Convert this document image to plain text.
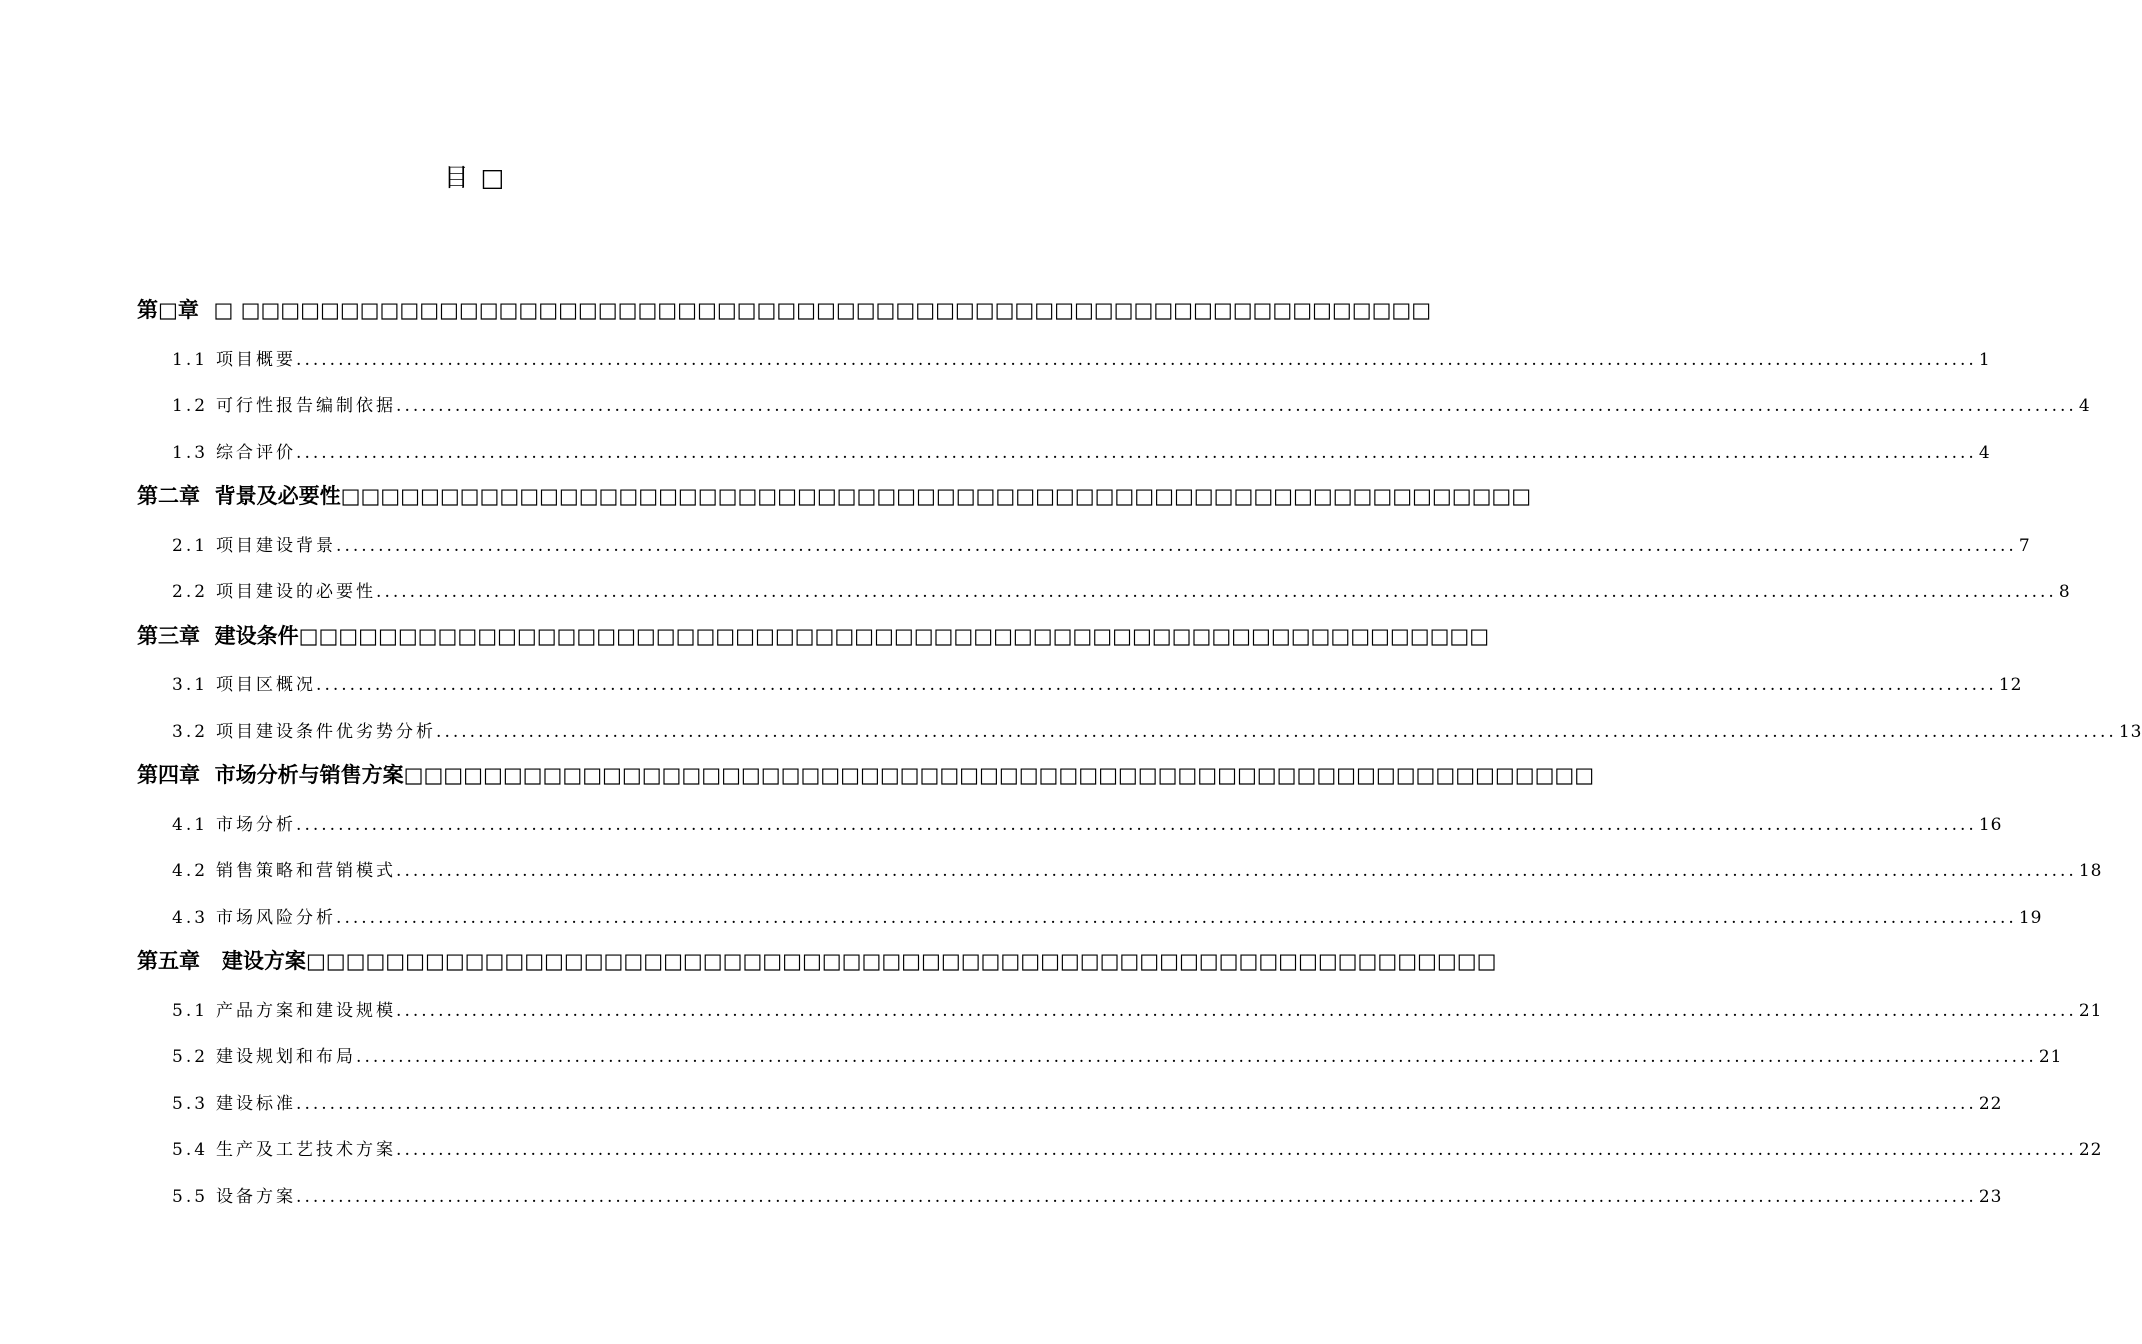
目 □
第□章  □ □□□□□□□□□□□□□□□□□□□□□□□□□□□□□□□□□□□□□□□□□□□□□□□□□□□□□□□□□□□□
1.1 项目概要 ........................................................................................................................................................................................................ 1
1.2 可行性报告编制依据 ........................................................................................................................................................................................................ 4
1.3 综合评价 ........................................................................................................................................................................................................ 4
第二章  背景及必要性 □□□□□□□□□□□□□□□□□□□□□□□□□□□□□□□□□□□□□□□□□□□□□□□□□□□□□□□□□□□□
2.1 项目建设背景 ........................................................................................................................................................................................................ 7
2.2 项目建设的必要性 ........................................................................................................................................................................................................ 8
第三章  建设条件 □□□□□□□□□□□□□□□□□□□□□□□□□□□□□□□□□□□□□□□□□□□□□□□□□□□□□□□□□□□□
3.1 项目区概况 ........................................................................................................................................................................................................ 12
3.2 项目建设条件优劣势分析 ........................................................................................................................................................................................................ 13
第四章  市场分析与销售方案 □□□□□□□□□□□□□□□□□□□□□□□□□□□□□□□□□□□□□□□□□□□□□□□□□□□□□□□□□□□□
4.1 市场分析 ........................................................................................................................................................................................................ 16
4.2 销售策略和营销模式 ........................................................................................................................................................................................................ 18
4.3 市场风险分析 ........................................................................................................................................................................................................ 19
第五章   建设方案 □□□□□□□□□□□□□□□□□□□□□□□□□□□□□□□□□□□□□□□□□□□□□□□□□□□□□□□□□□□□
5.1 产品方案和建设规模 ........................................................................................................................................................................................................ 21
5.2 建设规划和布局 ........................................................................................................................................................................................................ 21
5.3 建设标准 ........................................................................................................................................................................................................ 22
5.4 生产及工艺技术方案 ........................................................................................................................................................................................................ 22
5.5 设备方案 ........................................................................................................................................................................................................ 23
